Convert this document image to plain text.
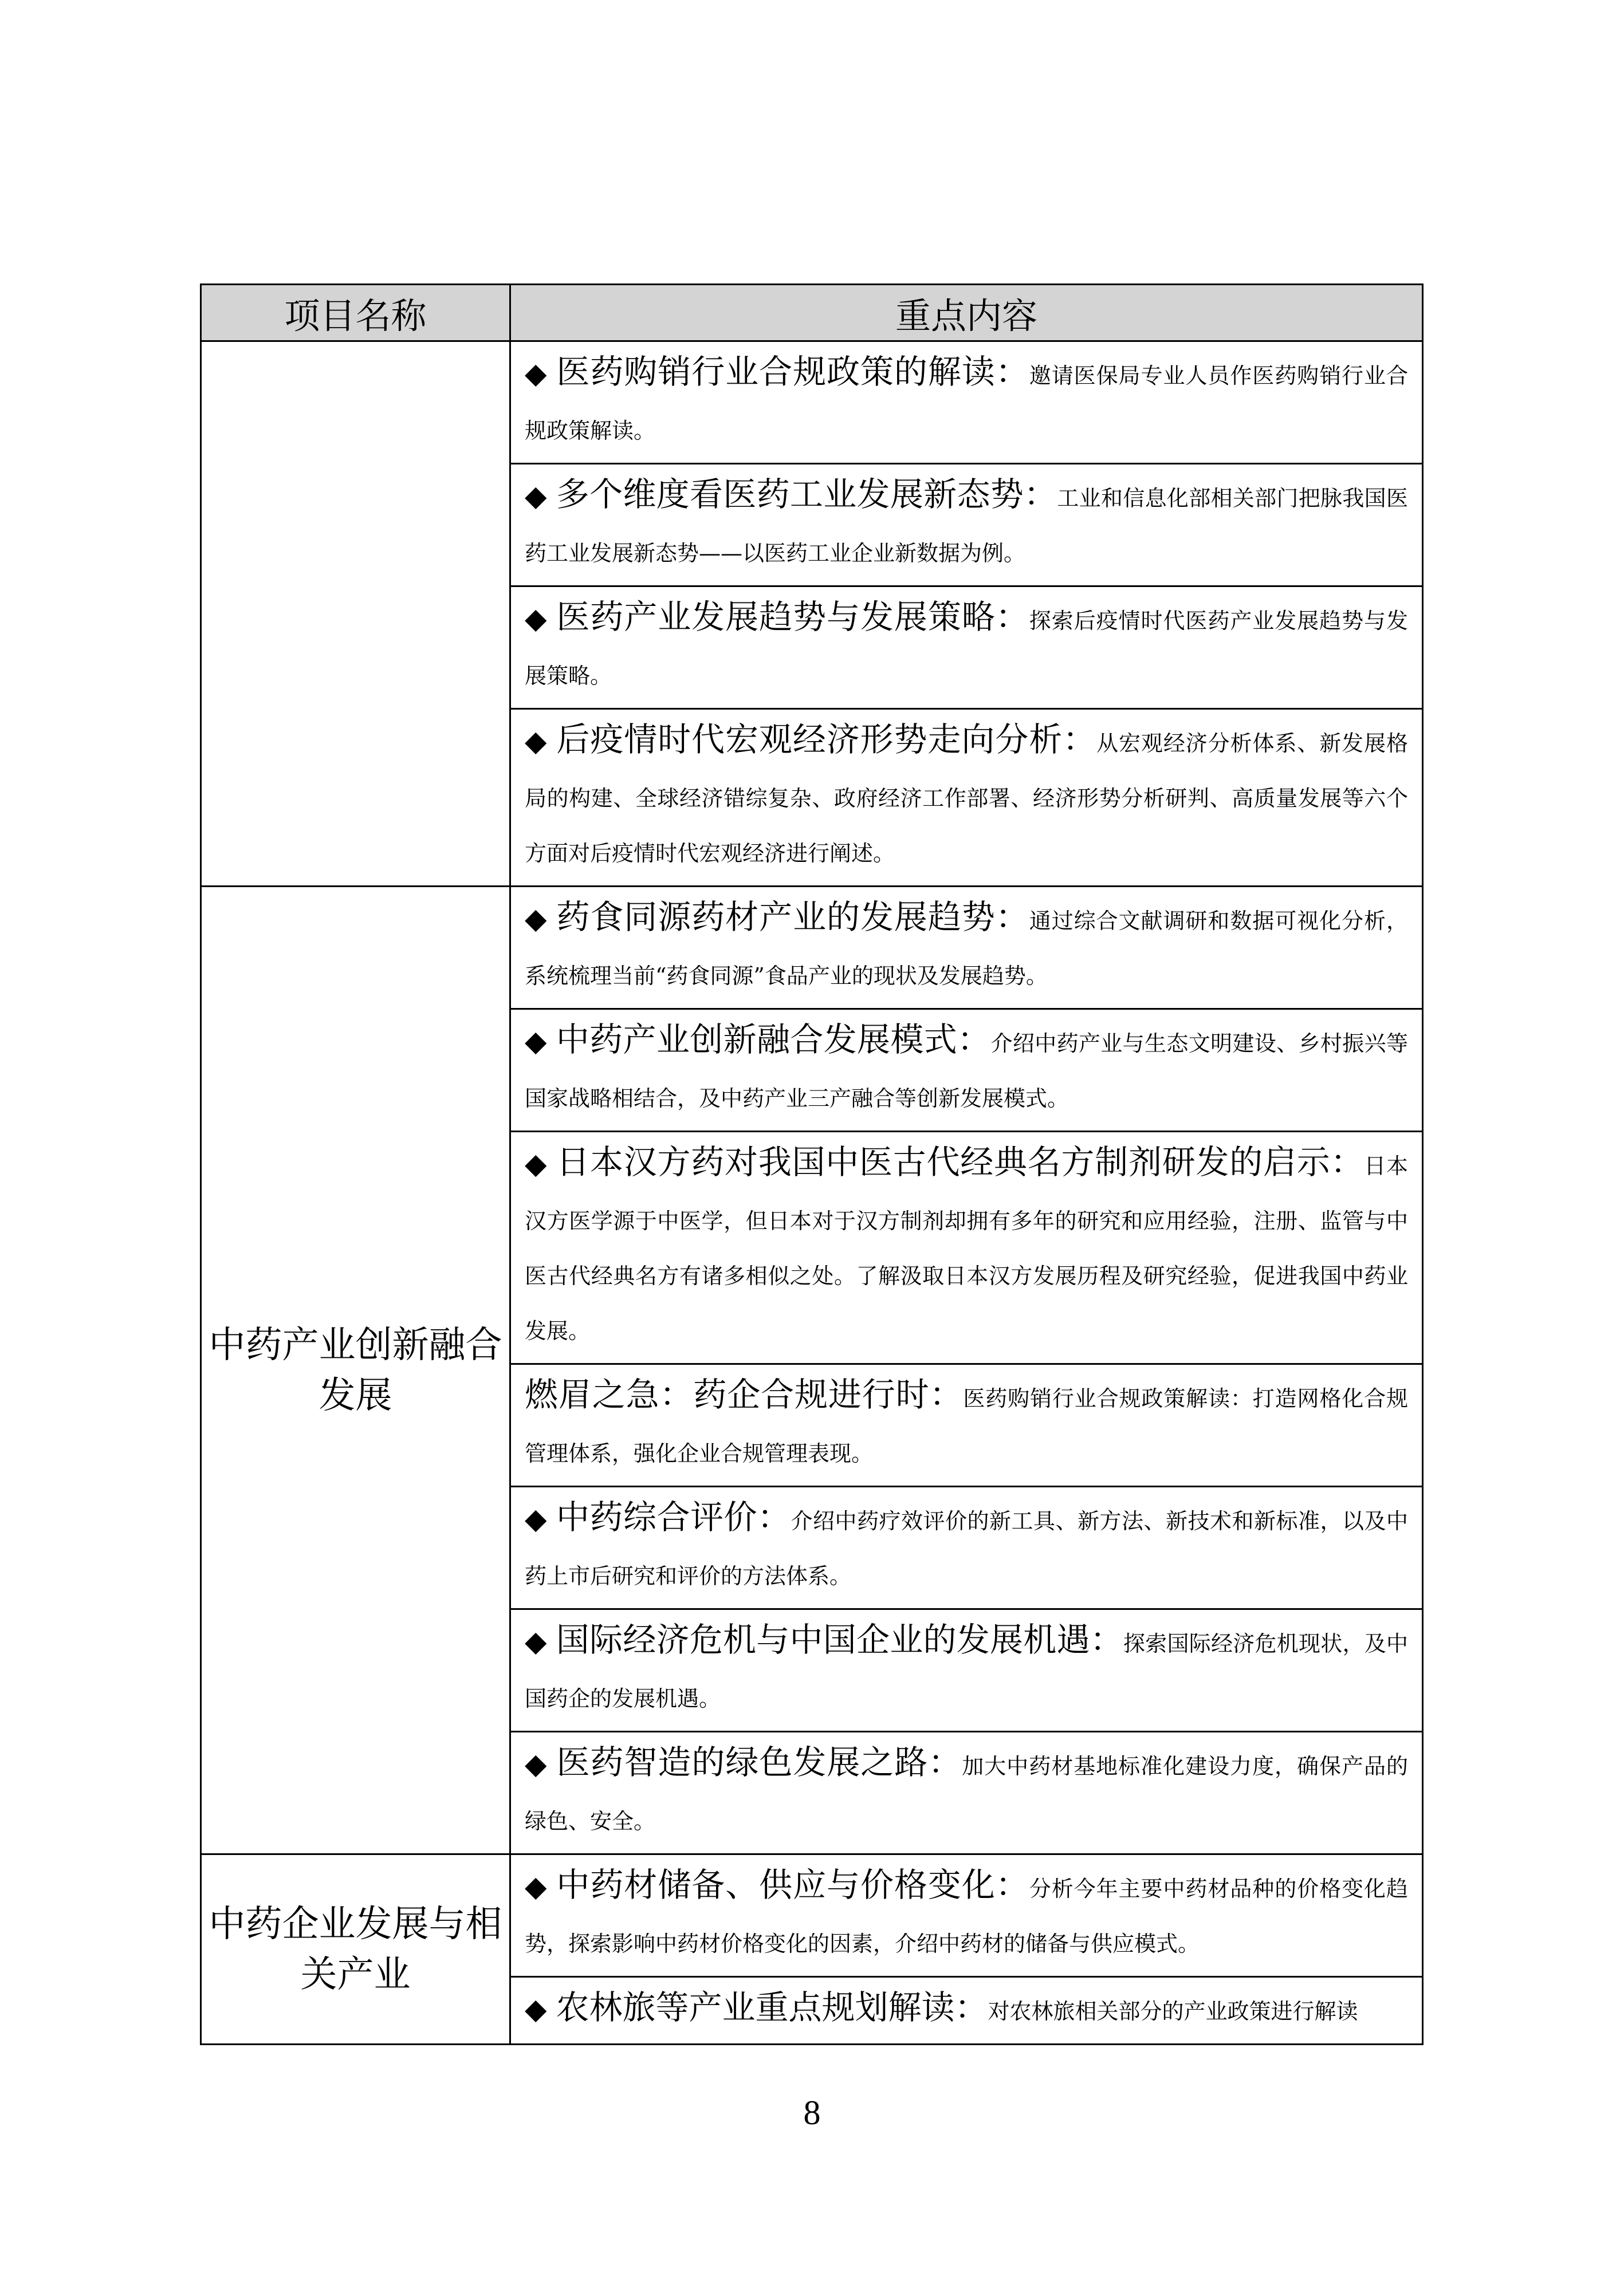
项目名称	重点内容

	◆ 医药购销行业合规政策的解读：邀请医保局专业人员作医药购销行业合规政策解读。

	◆ 多个维度看医药工业发展新态势：工业和信息化部相关部门把脉我国医药工业发展新态势——以医药工业企业新数据为例。

	◆ 医药产业发展趋势与发展策略：探索后疫情时代医药产业发展趋势与发展策略。

	◆ 后疫情时代宏观经济形势走向分析：从宏观经济分析体系、新发展格局的构建、全球经济错综复杂、政府经济工作部署、经济形势分析研判、高质量发展等六个方面对后疫情时代宏观经济进行阐述。

中药产业创新融合发展	◆ 药食同源药材产业的发展趋势：通过综合文献调研和数据可视化分析，系统梳理当前“药食同源”食品产业的现状及发展趋势。

	◆ 中药产业创新融合发展模式：介绍中药产业与生态文明建设、乡村振兴等国家战略相结合，及中药产业三产融合等创新发展模式。

	◆ 日本汉方药对我国中医古代经典名方制剂研发的启示：日本汉方医学源于中医学，但日本对于汉方制剂却拥有多年的研究和应用经验，注册、监管与中医古代经典名方有诸多相似之处。了解汲取日本汉方发展历程及研究经验，促进我国中药业发展。

	燃眉之急：药企合规进行时：医药购销行业合规政策解读：打造网格化合规管理体系，强化企业合规管理表现。

	◆ 中药综合评价：介绍中药疗效评价的新工具、新方法、新技术和新标准，以及中药上市后研究和评价的方法体系。

	◆ 国际经济危机与中国企业的发展机遇：探索国际经济危机现状，及中国药企的发展机遇。

	◆ 医药智造的绿色发展之路：加大中药材基地标准化建设力度，确保产品的绿色、安全。

中药企业发展与相关产业	◆ 中药材储备、供应与价格变化：分析今年主要中药材品种的价格变化趋势，探索影响中药材价格变化的因素，介绍中药材的储备与供应模式。

	◆ 农林旅等产业重点规划解读：对农林旅相关部分的产业政策进行解读
8
